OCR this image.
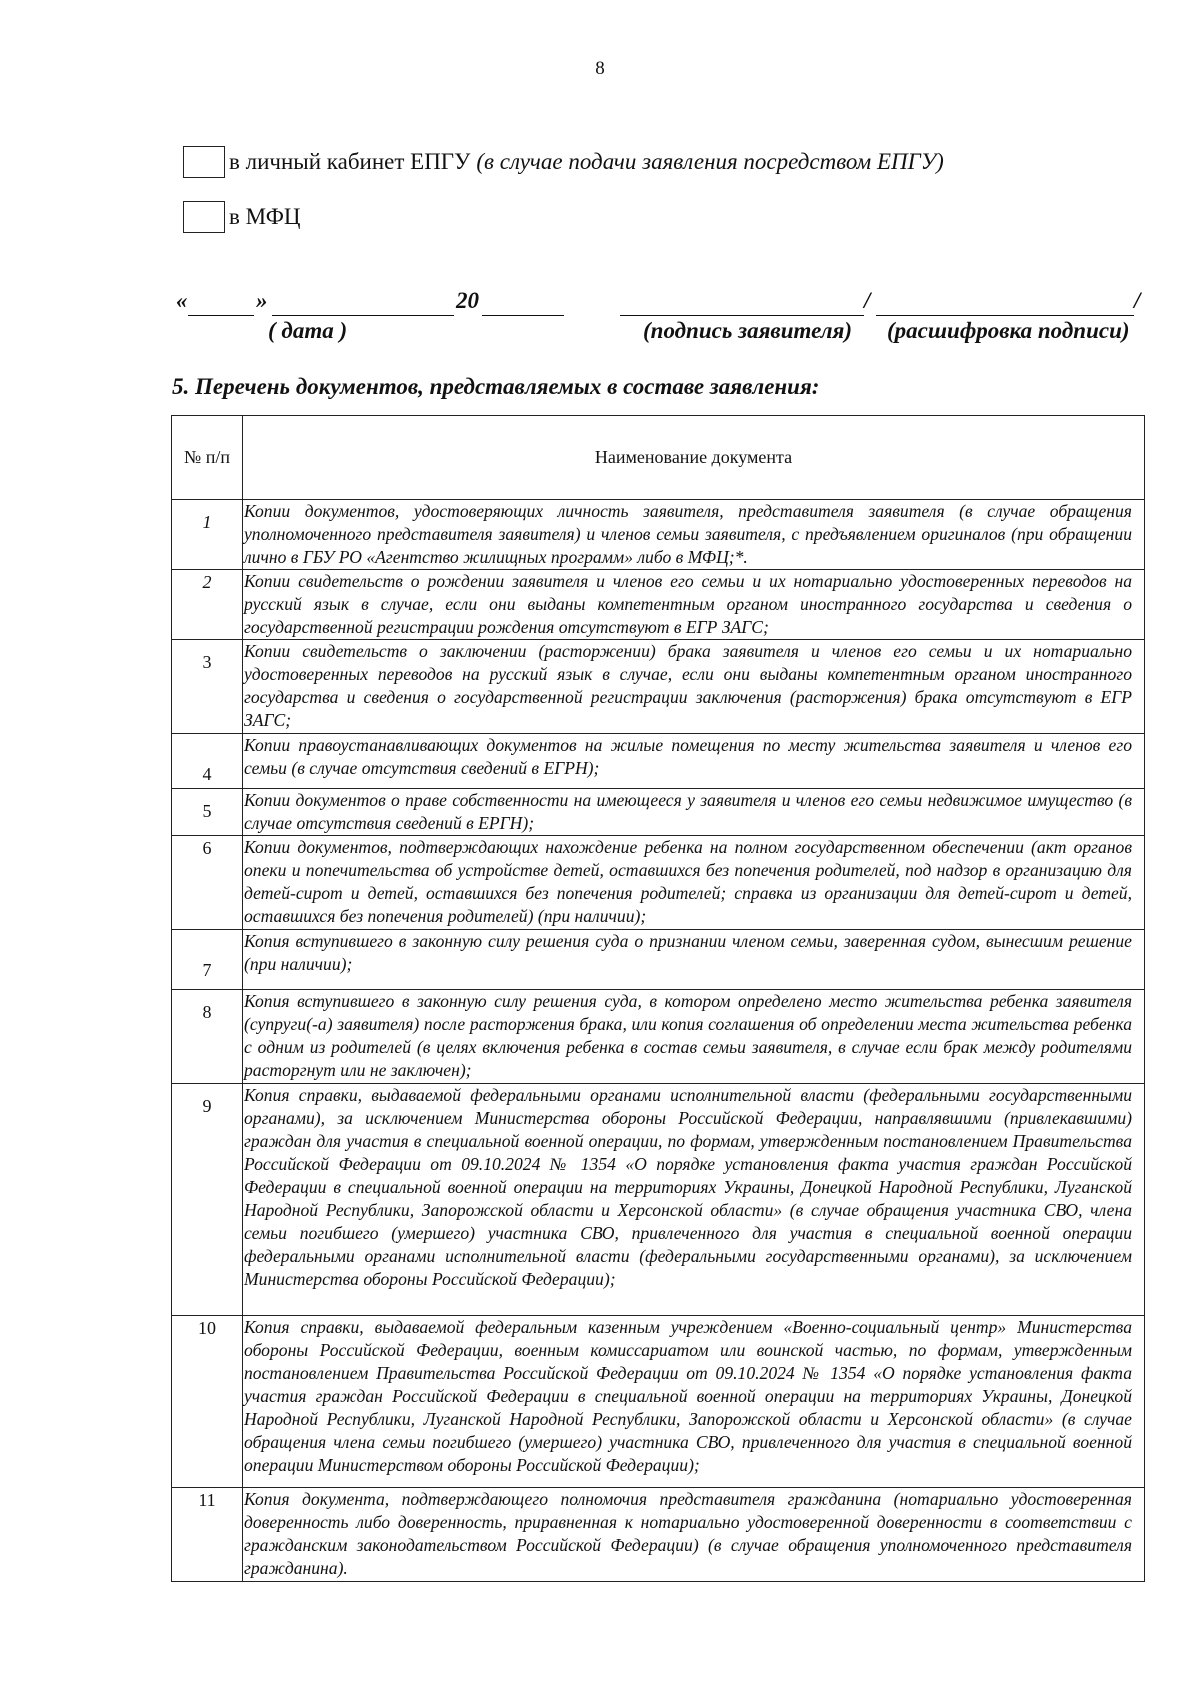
8
в личный кабинет ЕПГУ (в случае подачи заявления посредством ЕПГУ)
в МФЦ
«	»	20	/	/
( дата )	(подпись заявителя) (расшифровка подписи)
5. Перечень документов, представляемых в составе заявления:
№ п/п	Наименование документа
1	Копии документов, удостоверяющих личность заявителя, представителя заявителя (в случае обращения уполномоченного представителя заявителя) и членов семьи заявителя, с предъявлением оригиналов (при обращении лично в ГБУ РО «Агентство жилищных программ» либо в МФЦ;*.
2	Копии свидетельств о рождении заявителя и членов его семьи и их нотариально удостоверенных переводов на русский язык в случае, если они выданы компетентным органом иностранного государства и сведения о государственной регистрации рождения отсутствуют в ЕГР ЗАГС;
3	Копии свидетельств о заключении (расторжении) брака заявителя и членов его семьи и их нотариально удостоверенных переводов на русский язык в случае, если они выданы компетентным органом иностранного государства и сведения о государственной регистрации заключения (расторжения) брака отсутствуют в ЕГР ЗАГС;
4	Копии правоустанавливающих документов на жилые помещения по месту жительства заявителя и членов его семьи (в случае отсутствия сведений в ЕГРН);
5	Копии документов о праве собственности на имеющееся у заявителя и членов его семьи недвижимое имущество (в случае отсутствия сведений в ЕРГН);
6	Копии документов, подтверждающих нахождение ребенка на полном государственном обеспечении (акт органов опеки и попечительства об устройстве детей, оставшихся без попечения родителей, под надзор в организацию для детей-сирот и детей, оставшихся без попечения родителей; справка из организации для детей-сирот и детей, оставшихся без попечения родителей) (при наличии);
7	Копия вступившего в законную силу решения суда о признании членом семьи, заверенная судом, вынесшим решение (при наличии);
8	Копия вступившего в законную силу решения суда, в котором определено место жительства ребенка заявителя (супруги(-а) заявителя) после расторжения брака, или копия соглашения об определении места жительства ребенка с одним из родителей (в целях включения ребенка в состав семьи заявителя, в случае если брак между родителями расторгнут или не заключен);
9	Копия справки, выдаваемой федеральными органами исполнительной власти (федеральными государственными органами), за исключением Министерства обороны Российской Федерации, направлявшими (привлекавшими) граждан для участия в специальной военной операции, по формам, утвержденным постановлением Правительства Российской Федерации от 09.10.2024 № 1354 «О порядке установления факта участия граждан Российской Федерации в специальной военной операции на территориях Украины, Донецкой Народной Республики, Луганской Народной Республики, Запорожской области и Херсонской области» (в случае обращения участника СВО, члена семьи погибшего (умершего) участника СВО, привлеченного для участия в специальной военной операции федеральными органами исполнительной власти (федеральными государственными органами), за исключением Министерства обороны Российской Федерации);
10	Копия справки, выдаваемой федеральным казенным учреждением «Военно-социальный центр» Министерства обороны Российской Федерации, военным комиссариатом или воинской частью, по формам, утвержденным постановлением Правительства Российской Федерации от 09.10.2024 № 1354 «О порядке установления факта участия граждан Российской Федерации в специальной военной операции на территориях Украины, Донецкой Народной Республики, Луганской Народной Республики, Запорожской области и Херсонской области» (в случае обращения члена семьи погибшего (умершего) участника СВО, привлеченного для участия в специальной военной операции Министерством обороны Российской Федерации);
11	Копия документа, подтверждающего полномочия представителя гражданина (нотариально удостоверенная доверенность либо доверенность, приравненная к нотариально удостоверенной доверенности в соответствии с гражданским законодательством Российской Федерации) (в случае обращения уполномоченного представителя гражданина).
